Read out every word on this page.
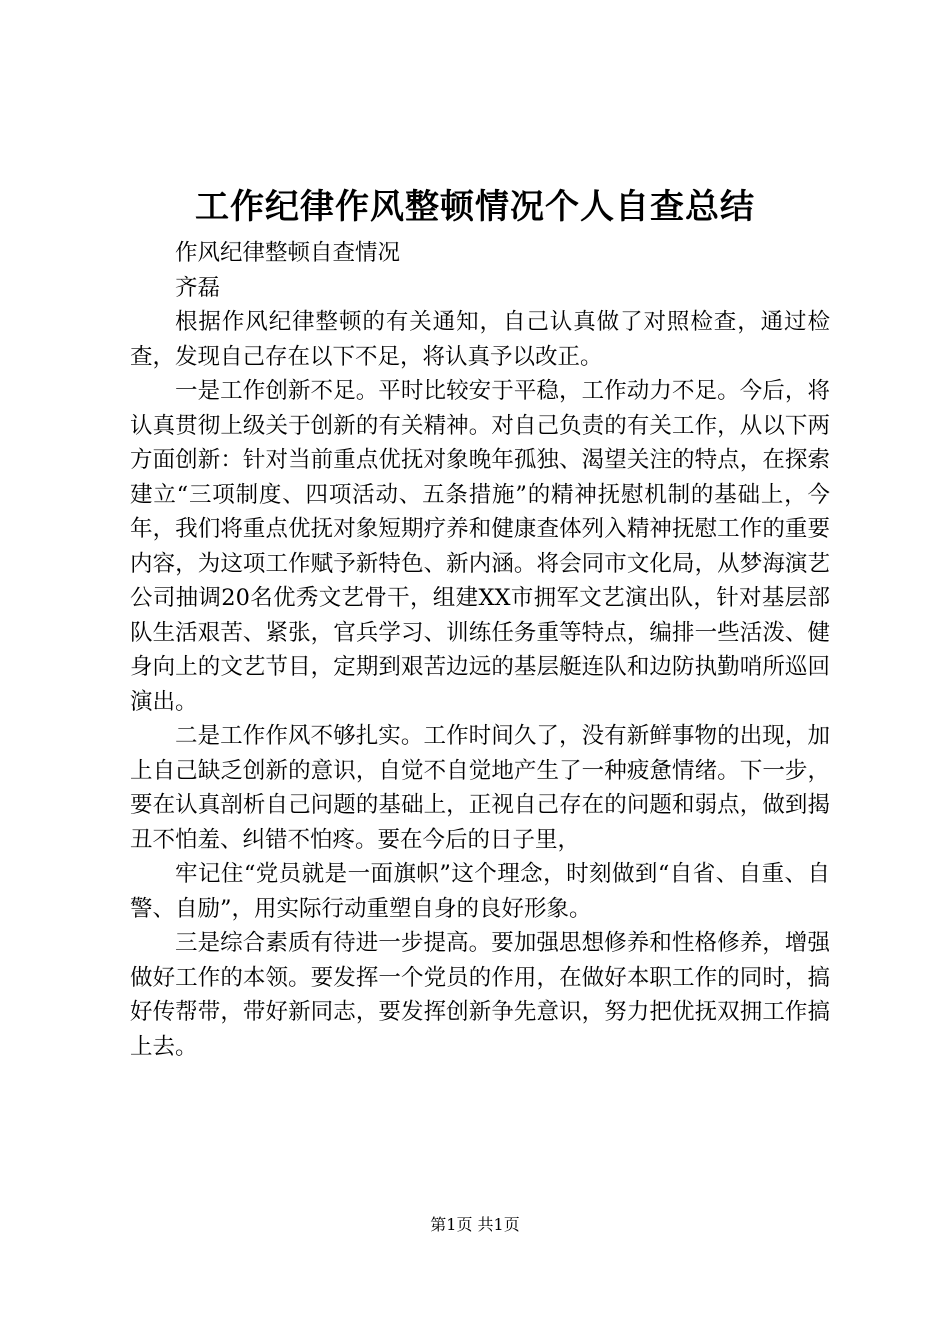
工作纪律作风整顿情况个人自查总结

作风纪律整顿自查情况

齐磊

根据作风纪律整顿的有关通知，自己认真做了对照检查，通过检查，发现自己存在以下不足，将认真予以改正。

一是工作创新不足。平时比较安于平稳，工作动力不足。今后，将认真贯彻上级关于创新的有关精神。对自己负责的有关工作，从以下两方面创新：针对当前重点优抚对象晚年孤独、渴望关注的特点，在探索建立“三项制度、四项活动、五条措施”的精神抚慰机制的基础上，今年，我们将重点优抚对象短期疗养和健康查体列入精神抚慰工作的重要内容，为这项工作赋予新特色、新内涵。将会同市文化局，从梦海演艺公司抽调20名优秀文艺骨干，组建XX市拥军文艺演出队，针对基层部队生活艰苦、紧张，官兵学习、训练任务重等特点，编排一些活泼、健身向上的文艺节目，定期到艰苦边远的基层艇连队和边防执勤哨所巡回演出。

二是工作作风不够扎实。工作时间久了，没有新鲜事物的出现，加上自己缺乏创新的意识，自觉不自觉地产生了一种疲惫情绪。下一步，要在认真剖析自己问题的基础上，正视自己存在的问题和弱点，做到揭丑不怕羞、纠错不怕疼。要在今后的日子里，

牢记住“党员就是一面旗帜”这个理念，时刻做到“自省、自重、自警、自励”，用实际行动重塑自身的良好形象。

三是综合素质有待进一步提高。要加强思想修养和性格修养，增强做好工作的本领。要发挥一个党员的作用，在做好本职工作的同时，搞好传帮带，带好新同志，要发挥创新争先意识，努力把优抚双拥工作搞上去。

第1页 共1页
